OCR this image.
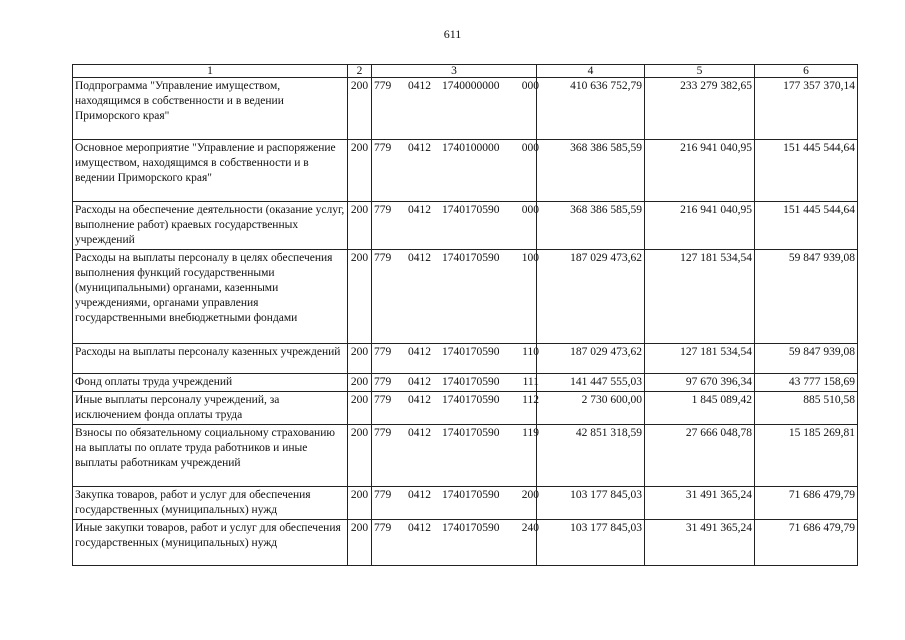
611
1	2	3	4	5	6
Подпрограмма "Управление имуществом, находящимся в собственности и в ведении Приморского края"	200	779 0412 1740000000 000	410 636 752,79	233 279 382,65	177 357 370,14
Основное мероприятие "Управление и распоряжение имуществом, находящимся в собственности и в ведении Приморского края"	200	779 0412 1740100000 000	368 386 585,59	216 941 040,95	151 445 544,64
Расходы на обеспечение деятельности (оказание услуг, выполнение работ) краевых государственных учреждений	200	779 0412 1740170590 000	368 386 585,59	216 941 040,95	151 445 544,64
Расходы на выплаты персоналу в целях обеспечения выполнения функций государственными (муниципальными) органами, казенными учреждениями, органами управления государственными внебюджетными фондами	200	779 0412 1740170590 100	187 029 473,62	127 181 534,54	59 847 939,08
Расходы на выплаты персоналу казенных учреждений	200	779 0412 1740170590 110	187 029 473,62	127 181 534,54	59 847 939,08
Фонд оплаты труда учреждений	200	779 0412 1740170590 111	141 447 555,03	97 670 396,34	43 777 158,69
Иные выплаты персоналу учреждений, за исключением фонда оплаты труда	200	779 0412 1740170590 112	2 730 600,00	1 845 089,42	885 510,58
Взносы по обязательному социальному страхованию на выплаты по оплате труда работников и иные выплаты работникам учреждений	200	779 0412 1740170590 119	42 851 318,59	27 666 048,78	15 185 269,81
Закупка товаров, работ и услуг для обеспечения государственных (муниципальных) нужд	200	779 0412 1740170590 200	103 177 845,03	31 491 365,24	71 686 479,79
Иные закупки товаров, работ и услуг для обеспечения государственных (муниципальных) нужд	200	779 0412 1740170590 240	103 177 845,03	31 491 365,24	71 686 479,79
